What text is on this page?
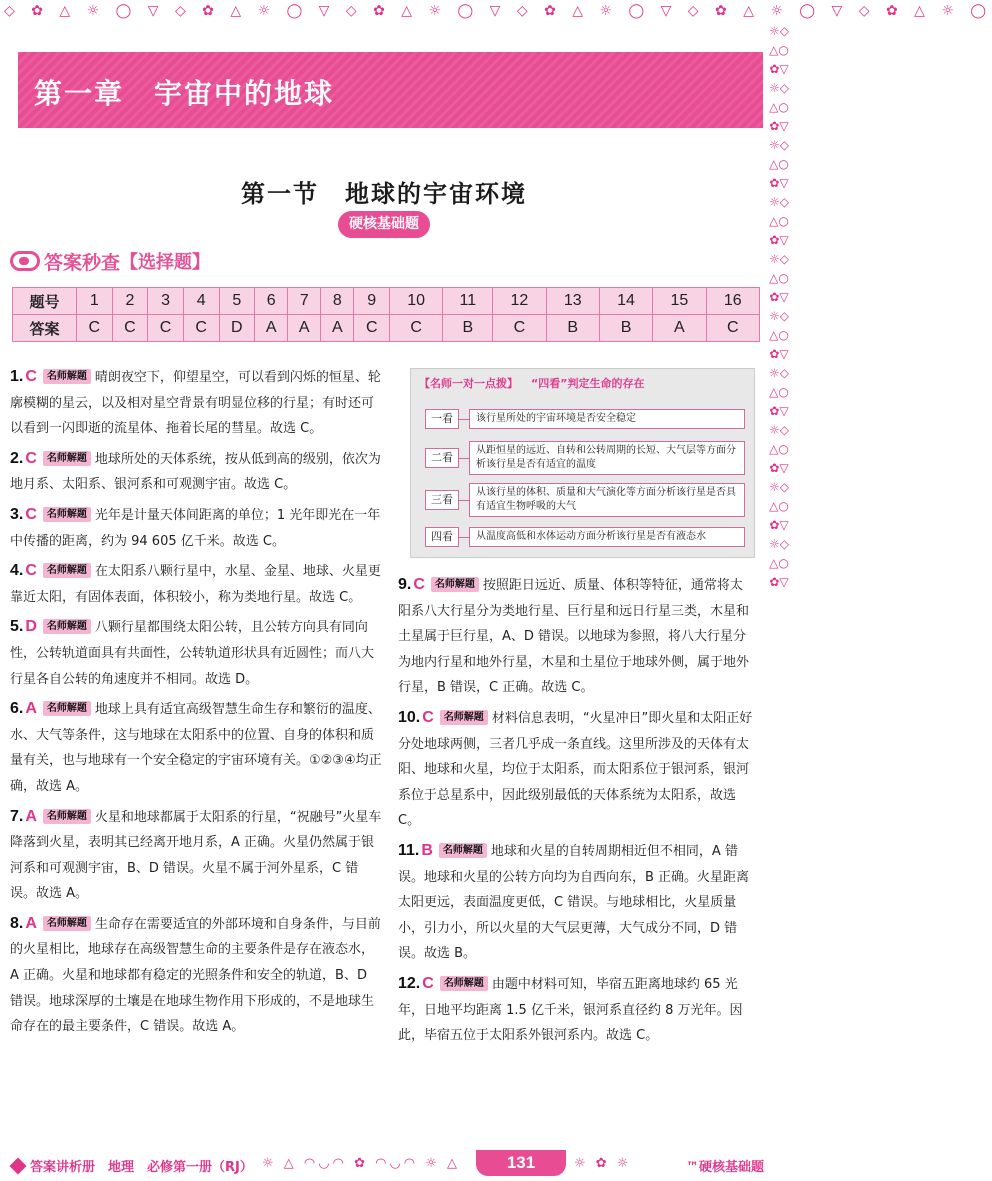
◇ ✿ △ ☼ ◯ ▽ ◇ ✿ △ ☼ ◯ ▽ ◇ ✿ △ ☼ ◯ ▽ ◇ ✿ △ ☼ ◯ ▽ ◇ ✿ △ ☼ ◯ ▽ ◇ ✿ △ ☼ ◯
☼◇△○✿▽☼◇△○✿▽☼◇△○✿▽☼◇△○✿▽☼◇△○✿▽☼◇△○✿▽☼◇△○✿▽☼◇△○✿▽☼◇△○✿▽☼◇△○✿▽
第一章　宇宙中的地球
第一节　地球的宇宙环境
硬核基础题
答案秒查 【选择题】
题号	1	2	3	4	5	6	7	8	9	10	11	12	13	14	15	16
答案	C	C	C	C	D	A	A	A	C	C	B	C	B	B	A	C
1. C 名师解题 晴朗夜空下，仰望星空，可以看到闪烁的恒星、轮廓模糊的星云，以及相对星空背景有明显位移的行星；有时还可以看到一闪即逝的流星体、拖着长尾的彗星。故选 C。
2. C 名师解题 地球所处的天体系统，按从低到高的级别，依次为地月系、太阳系、银河系和可观测宇宙。故选 C。
3. C 名师解题 光年是计量天体间距离的单位；1 光年即光在一年中传播的距离，约为 94 605 亿千米。故选 C。
4. C 名师解题 在太阳系八颗行星中，水星、金星、地球、火星更靠近太阳，有固体表面，体积较小，称为类地行星。故选 C。
5. D 名师解题 八颗行星都围绕太阳公转，且公转方向具有同向性，公转轨道面具有共面性，公转轨道形状具有近圆性；而八大行星各自公转的角速度并不相同。故选 D。
6. A 名师解题 地球上具有适宜高级智慧生命生存和繁衍的温度、水、大气等条件，这与地球在太阳系中的位置、自身的体积和质量有关，也与地球有一个安全稳定的宇宙环境有关。①②③④均正确，故选 A。
7. A 名师解题 火星和地球都属于太阳系的行星，“祝融号”火星车降落到火星，表明其已经离开地月系，A 正确。火星仍然属于银河系和可观测宇宙，B、D 错误。火星不属于河外星系，C 错误。故选 A。
8. A 名师解题 生命存在需要适宜的外部环境和自身条件，与目前的火星相比，地球存在高级智慧生命的主要条件是存在液态水，A 正确。火星和地球都有稳定的光照条件和安全的轨道，B、D 错误。地球深厚的土壤是在地球生物作用下形成的，不是地球生命存在的最主要条件，C 错误。故选 A。
【名师一对一点拨】 “四看”判定生命的存在
一看	该行星所处的宇宙环境是否安全稳定
二看
从距恒星的远近、自转和公转周期的长短、大气层等方面分析该行星是否有适宜的温度
三看
从该行星的体积、质量和大气演化等方面分析该行星是否具有适宜生物呼吸的大气
四看	从温度高低和水体运动方面分析该行星是否有液态水
9. C 名师解题 按照距日远近、质量、体积等特征，通常将太阳系八大行星分为类地行星、巨行星和远日行星三类，木星和土星属于巨行星，A、D 错误。以地球为参照，将八大行星分为地内行星和地外行星，木星和土星位于地球外侧，属于地外行星，B 错误，C 正确。故选 C。
10. C 名师解题 材料信息表明，“火星冲日”即火星和太阳正好分处地球两侧，三者几乎成一条直线。这里所涉及的天体有太阳、地球和火星，均位于太阳系，而太阳系位于银河系，银河系位于总星系中，因此级别最低的天体系统为太阳系，故选 C。
11. B 名师解题 地球和火星的自转周期相近但不相同，A 错误。地球和火星的公转方向均为自西向东，B 正确。火星距离太阳更远，表面温度更低，C 错误。与地球相比，火星质量小，引力小，所以火星的大气层更薄，大气成分不同，D 错误。故选 B。
12. C 名师解题 由题中材料可知，毕宿五距离地球约 65 光年，日地平均距离 1.5 亿千米，银河系直径约 8 万光年。因此，毕宿五位于太阳系外银河系内。故选 C。
答案讲析册　地理　必修第一册（RJ） ☼ △ ◠◡◠ ✿ ◠◡◠ ☼ △	131	☼ ✿ ☼	™硬核基础题
